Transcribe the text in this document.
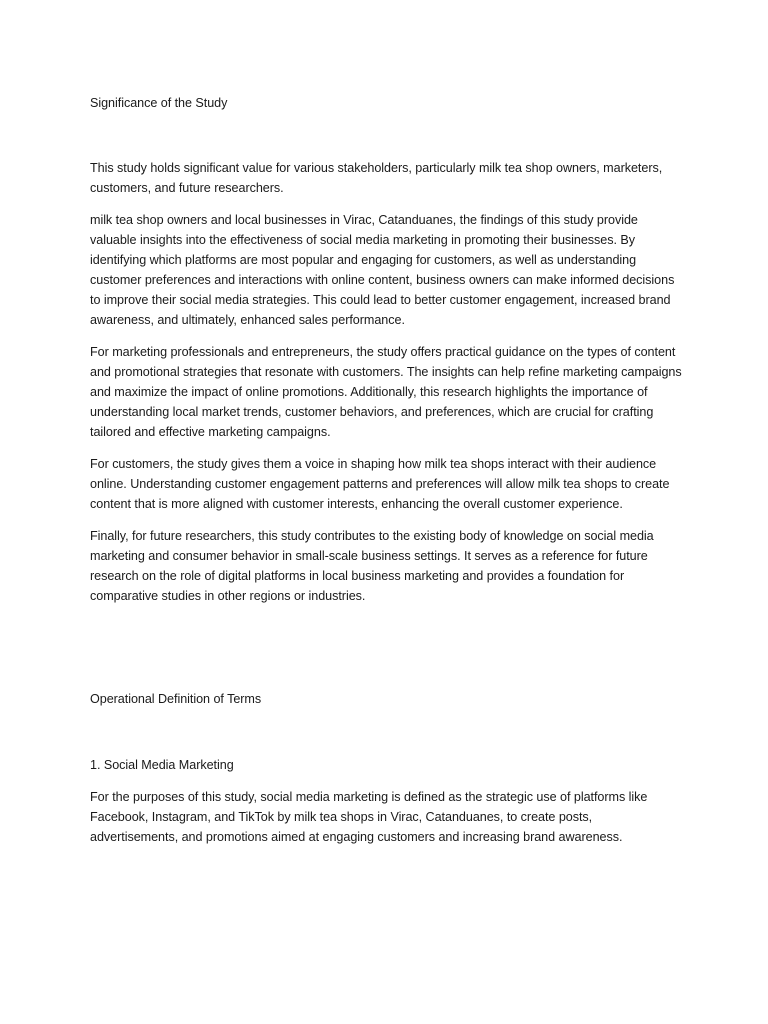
Significance of the Study

This study holds significant value for various stakeholders, particularly milk tea shop owners, marketers, customers, and future researchers.

milk tea shop owners and local businesses in Virac, Catanduanes, the findings of this study provide valuable insights into the effectiveness of social media marketing in promoting their businesses. By identifying which platforms are most popular and engaging for customers, as well as understanding customer preferences and interactions with online content, business owners can make informed decisions to improve their social media strategies. This could lead to better customer engagement, increased brand awareness, and ultimately, enhanced sales performance.

For marketing professionals and entrepreneurs, the study offers practical guidance on the types of content and promotional strategies that resonate with customers. The insights can help refine marketing campaigns and maximize the impact of online promotions. Additionally, this research highlights the importance of understanding local market trends, customer behaviors, and preferences, which are crucial for crafting tailored and effective marketing campaigns.

For customers, the study gives them a voice in shaping how milk tea shops interact with their audience online. Understanding customer engagement patterns and preferences will allow milk tea shops to create content that is more aligned with customer interests, enhancing the overall customer experience.

Finally, for future researchers, this study contributes to the existing body of knowledge on social media marketing and consumer behavior in small-scale business settings. It serves as a reference for future research on the role of digital platforms in local business marketing and provides a foundation for comparative studies in other regions or industries.

Operational Definition of Terms
1. Social Media Marketing

For the purposes of this study, social media marketing is defined as the strategic use of platforms like Facebook, Instagram, and TikTok by milk tea shops in Virac, Catanduanes, to create posts, advertisements, and promotions aimed at engaging customers and increasing brand awareness.
